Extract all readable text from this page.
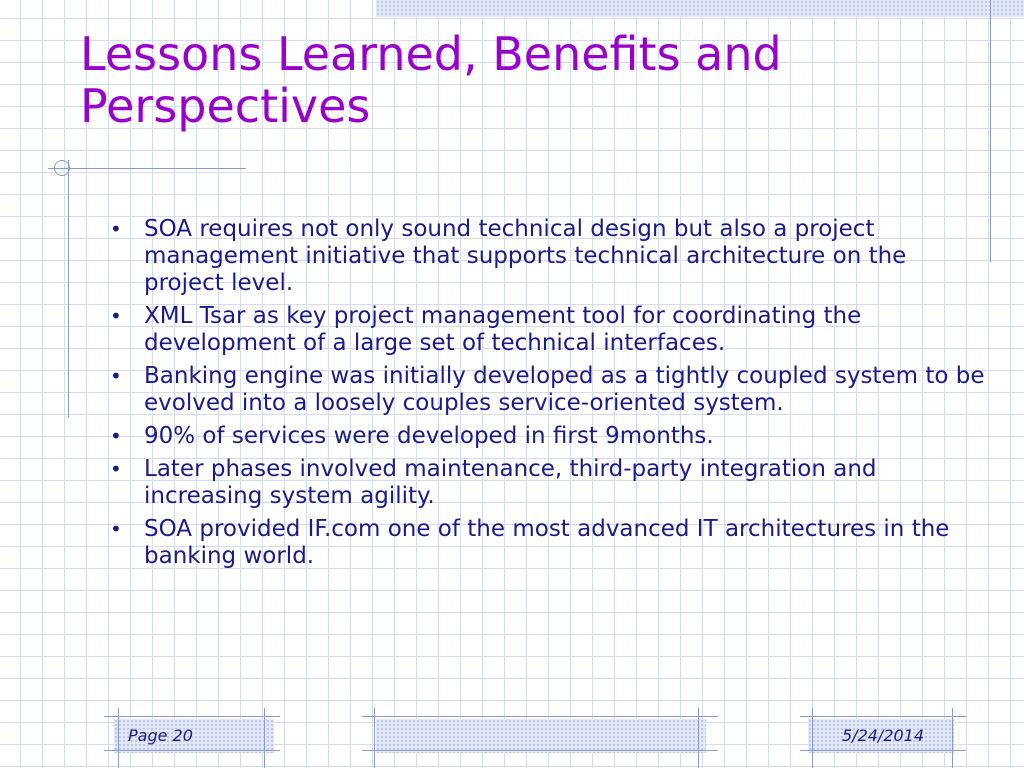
Lessons Learned, Benefits and
Perspectives
• SOA requires not only sound technical design but also a project management initiative that supports technical architecture on the project level.
• XML Tsar as key project management tool for coordinating the development of a large set of technical interfaces.
• Banking engine was initially developed as a tightly coupled system to be evolved into a loosely couples service-oriented system.
• 90% of services were developed in first 9months.
• Later phases involved maintenance, third-party integration and increasing system agility.
• SOA provided IF.com one of the most advanced IT architectures in the banking world.
Page 20	5/24/2014
